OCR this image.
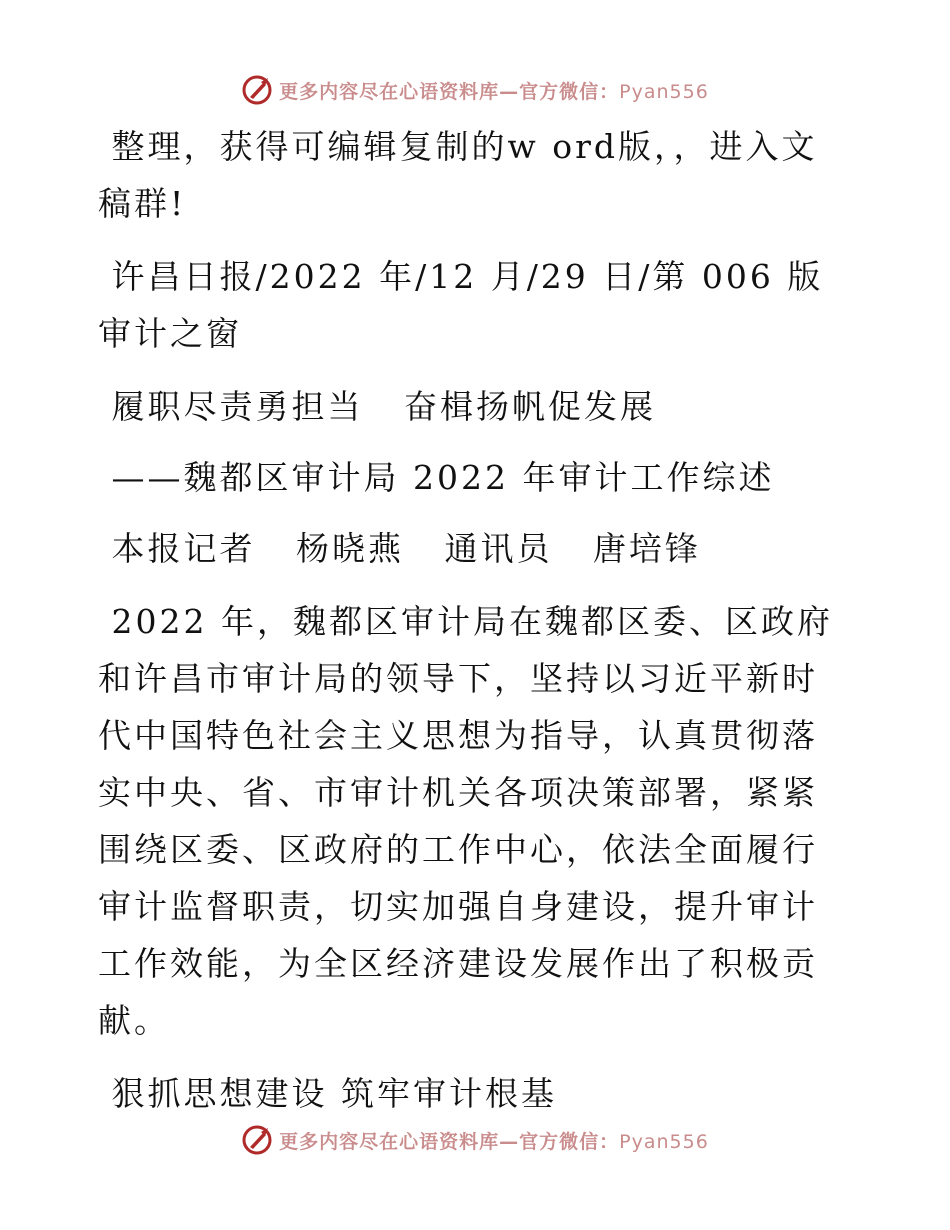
更多内容尽在心语资料库—官方微信：Pyan556

整理，获得可编辑复制的w ord版，，进入文稿群!

许昌日报/2022 年/12 月/29 日/第 006 版审计之窗

履职尽责勇担当   奋楫扬帆促发展

——魏都区审计局 2022 年审计工作综述

本报记者   杨晓燕   通讯员   唐培锋

2022 年，魏都区审计局在魏都区委、区政府和许昌市审计局的领导下，坚持以习近平新时代中国特色社会主义思想为指导，认真贯彻落实中央、省、市审计机关各项决策部署，紧紧围绕区委、区政府的工作中心，依法全面履行审计监督职责，切实加强自身建设，提升审计工作效能，为全区经济建设发展作出了积极贡献。

狠抓思想建设 筑牢审计根基

更多内容尽在心语资料库—官方微信：Pyan556
